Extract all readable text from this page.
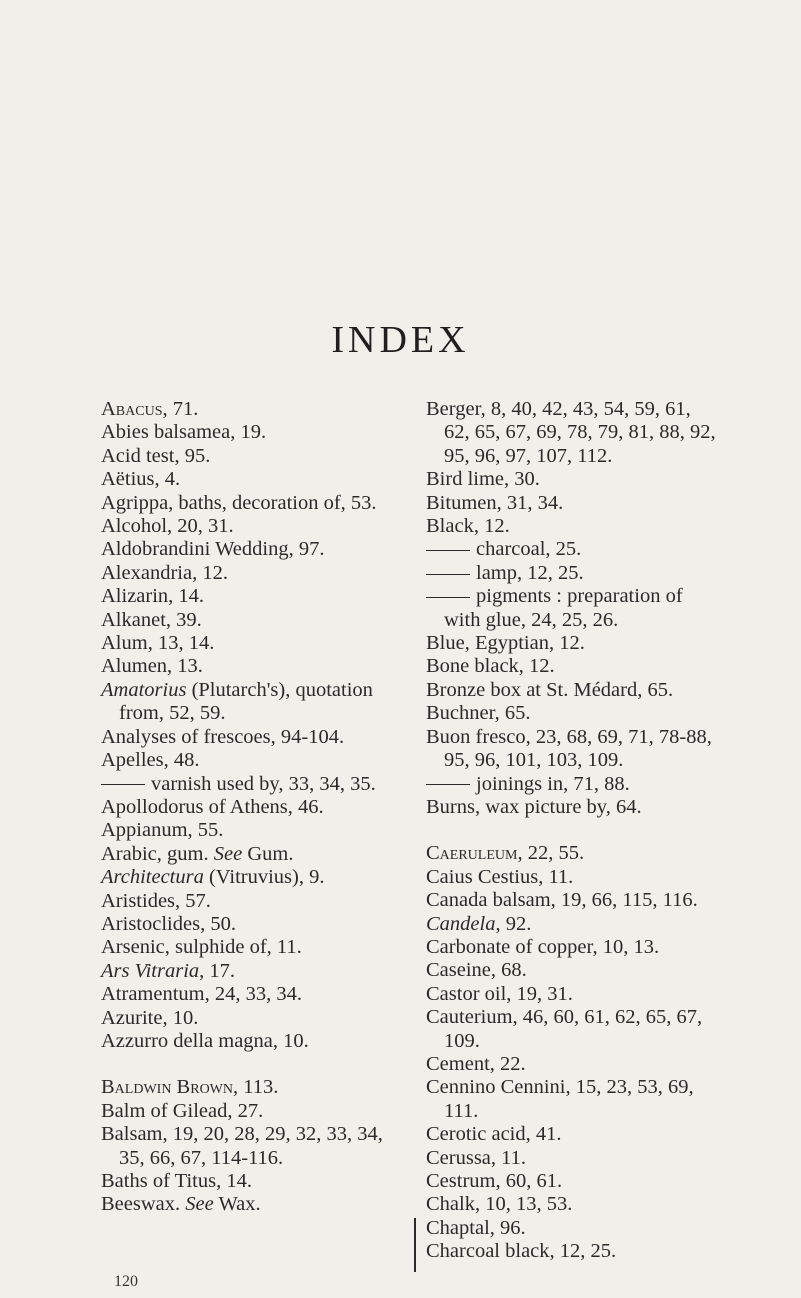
INDEX
Abacus, 71.
Abies balsamea, 19.
Acid test, 95.
Aëtius, 4.
Agrippa, baths, decoration of, 53.
Alcohol, 20, 31.
Aldobrandini Wedding, 97.
Alexandria, 12.
Alizarin, 14.
Alkanet, 39.
Alum, 13, 14.
Alumen, 13.
Amatorius (Plutarch's), quotation from, 52, 59.
Analyses of frescoes, 94-104.
Apelles, 48.
varnish used by, 33, 34, 35.
Apollodorus of Athens, 46.
Appianum, 55.
Arabic, gum. See Gum.
Architectura (Vitruvius), 9.
Aristides, 57.
Aristoclides, 50.
Arsenic, sulphide of, 11.
Ars Vitraria, 17.
Atramentum, 24, 33, 34.
Azurite, 10.
Azzurro della magna, 10.
Baldwin Brown, 113.
Balm of Gilead, 27.
Balsam, 19, 20, 28, 29, 32, 33, 34, 35, 66, 67, 114-116.
Baths of Titus, 14.
Beeswax. See Wax.
Berger, 8, 40, 42, 43, 54, 59, 61, 62, 65, 67, 69, 78, 79, 81, 88, 92, 95, 96, 97, 107, 112.
Bird lime, 30.
Bitumen, 31, 34.
Black, 12.
charcoal, 25.
lamp, 12, 25.
pigments : preparation of with glue, 24, 25, 26.
Blue, Egyptian, 12.
Bone black, 12.
Bronze box at St. Médard, 65.
Buchner, 65.
Buon fresco, 23, 68, 69, 71, 78-88, 95, 96, 101, 103, 109.
joinings in, 71, 88.
Burns, wax picture by, 64.
Caeruleum, 22, 55.
Caius Cestius, 11.
Canada balsam, 19, 66, 115, 116.
Candela, 92.
Carbonate of copper, 10, 13.
Caseine, 68.
Castor oil, 19, 31.
Cauterium, 46, 60, 61, 62, 65, 67, 109.
Cement, 22.
Cennino Cennini, 15, 23, 53, 69, 111.
Cerotic acid, 41.
Cerussa, 11.
Cestrum, 60, 61.
Chalk, 10, 13, 53.
Chaptal, 96.
Charcoal black, 12, 25.
120
